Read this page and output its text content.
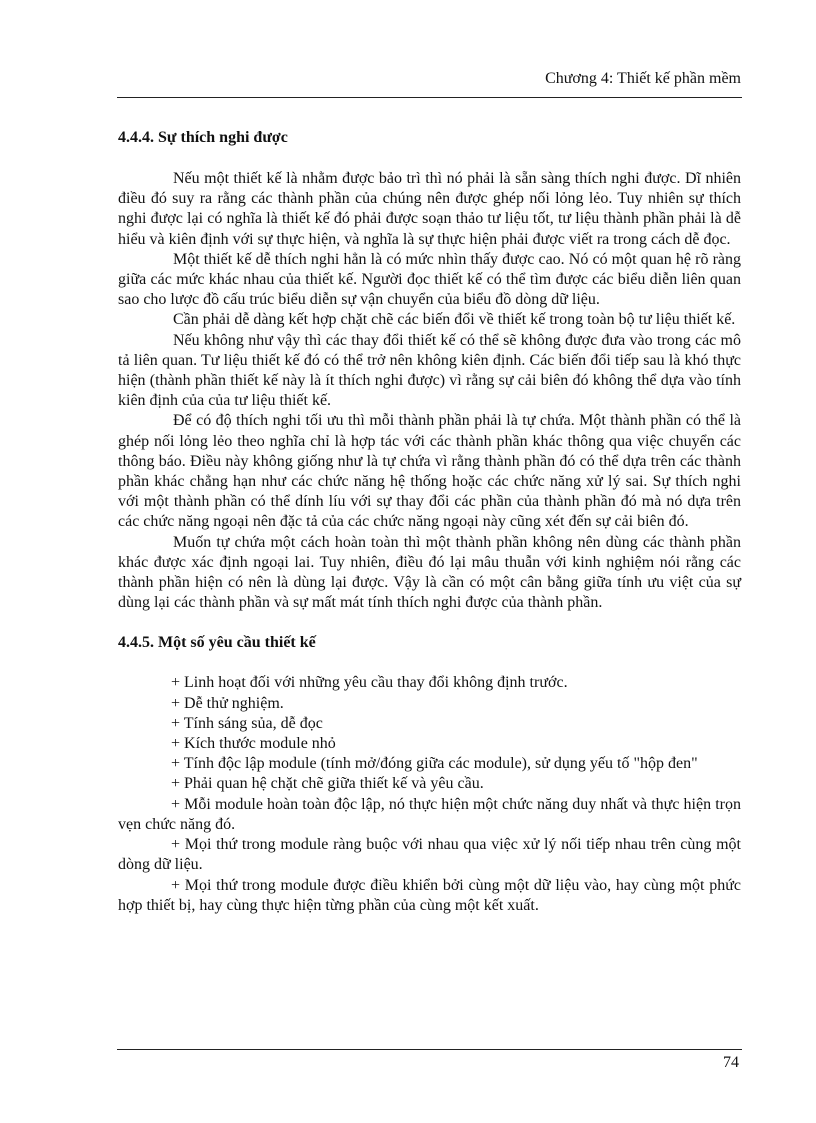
Chương 4: Thiết kế phần mềm
4.4.4. Sự thích nghi được

Nếu một thiết kế là nhằm được bảo trì thì nó phải là sẵn sàng thích nghi được. Dĩ nhiên điều đó suy ra rằng các thành phần của chúng nên được ghép nối lỏng lẻo. Tuy nhiên sự thích nghi được lại có nghĩa là thiết kế đó phải được soạn thảo tư liệu tốt, tư liệu thành phần phải là dễ hiểu và kiên định với sự thực hiện, và nghĩa là sự thực hiện phải được viết ra trong cách dễ đọc.

Một thiết kế dễ thích nghi hẳn là có mức nhìn thấy được cao. Nó có một quan hệ rõ ràng giữa các mức khác nhau của thiết kế. Người đọc thiết kế có thể tìm được các biểu diễn liên quan sao cho lược đồ cấu trúc biểu diễn sự vận chuyển của biểu đồ dòng dữ liệu.

Cần phải dễ dàng kết hợp chặt chẽ các biến đổi về thiết kế trong toàn bộ tư liệu thiết kế.

Nếu không như vậy thì các thay đổi thiết kế có thể sẽ không được đưa vào trong các mô tả liên quan. Tư liệu thiết kế đó có thể trở nên không kiên định. Các biến đổi tiếp sau là khó thực hiện (thành phần thiết kế này là ít thích nghi được) vì rằng sự cải biên đó không thể dựa vào tính kiên định của của tư liệu thiết kế.

Để có độ thích nghi tối ưu thì mỗi thành phần phải là tự chứa. Một thành phần có thể là ghép nối lỏng lẻo theo nghĩa chỉ là hợp tác với các thành phần khác thông qua việc chuyển các thông báo. Điều này không giống như là tự chứa vì rằng thành phần đó có thể dựa trên các thành phần khác chẳng hạn như các chức năng hệ thống hoặc các chức năng xử lý sai. Sự thích nghi với một thành phần có thể dính líu với sự thay đổi các phần của thành phần đó mà nó dựa trên các chức năng ngoại nên đặc tả của các chức năng ngoại này cũng xét đến sự cải biên đó.

Muốn tự chứa một cách hoàn toàn thì một thành phần không nên dùng các thành phần khác được xác định ngoại lai. Tuy nhiên, điều đó lại mâu thuẫn với kinh nghiệm nói rằng các thành phần hiện có nên là dùng lại được. Vậy là cần có một cân bằng giữa tính ưu việt của sự dùng lại các thành phần và sự mất mát tính thích nghi được của thành phần.

4.4.5. Một số yêu cầu thiết kế

+ Linh hoạt đối với những yêu cầu thay đổi không định trước.

+ Dễ thử nghiệm.

+ Tính sáng sủa, dễ đọc

+ Kích thước module nhỏ

+ Tính độc lập module (tính mở/đóng giữa các module), sử dụng yếu tố "hộp đen"

+ Phải quan hệ chặt chẽ giữa thiết kế và yêu cầu.

+ Mỗi module hoàn toàn độc lập, nó thực hiện một chức năng duy nhất và thực hiện trọn vẹn chức năng đó.

+ Mọi thứ trong module ràng buộc với nhau qua việc xử lý nối tiếp nhau trên cùng một dòng dữ liệu.

+ Mọi thứ trong module được điều khiển bởi cùng một dữ liệu vào, hay cùng một phức hợp thiết bị, hay cùng thực hiện từng phần của cùng một kết xuất.

74
